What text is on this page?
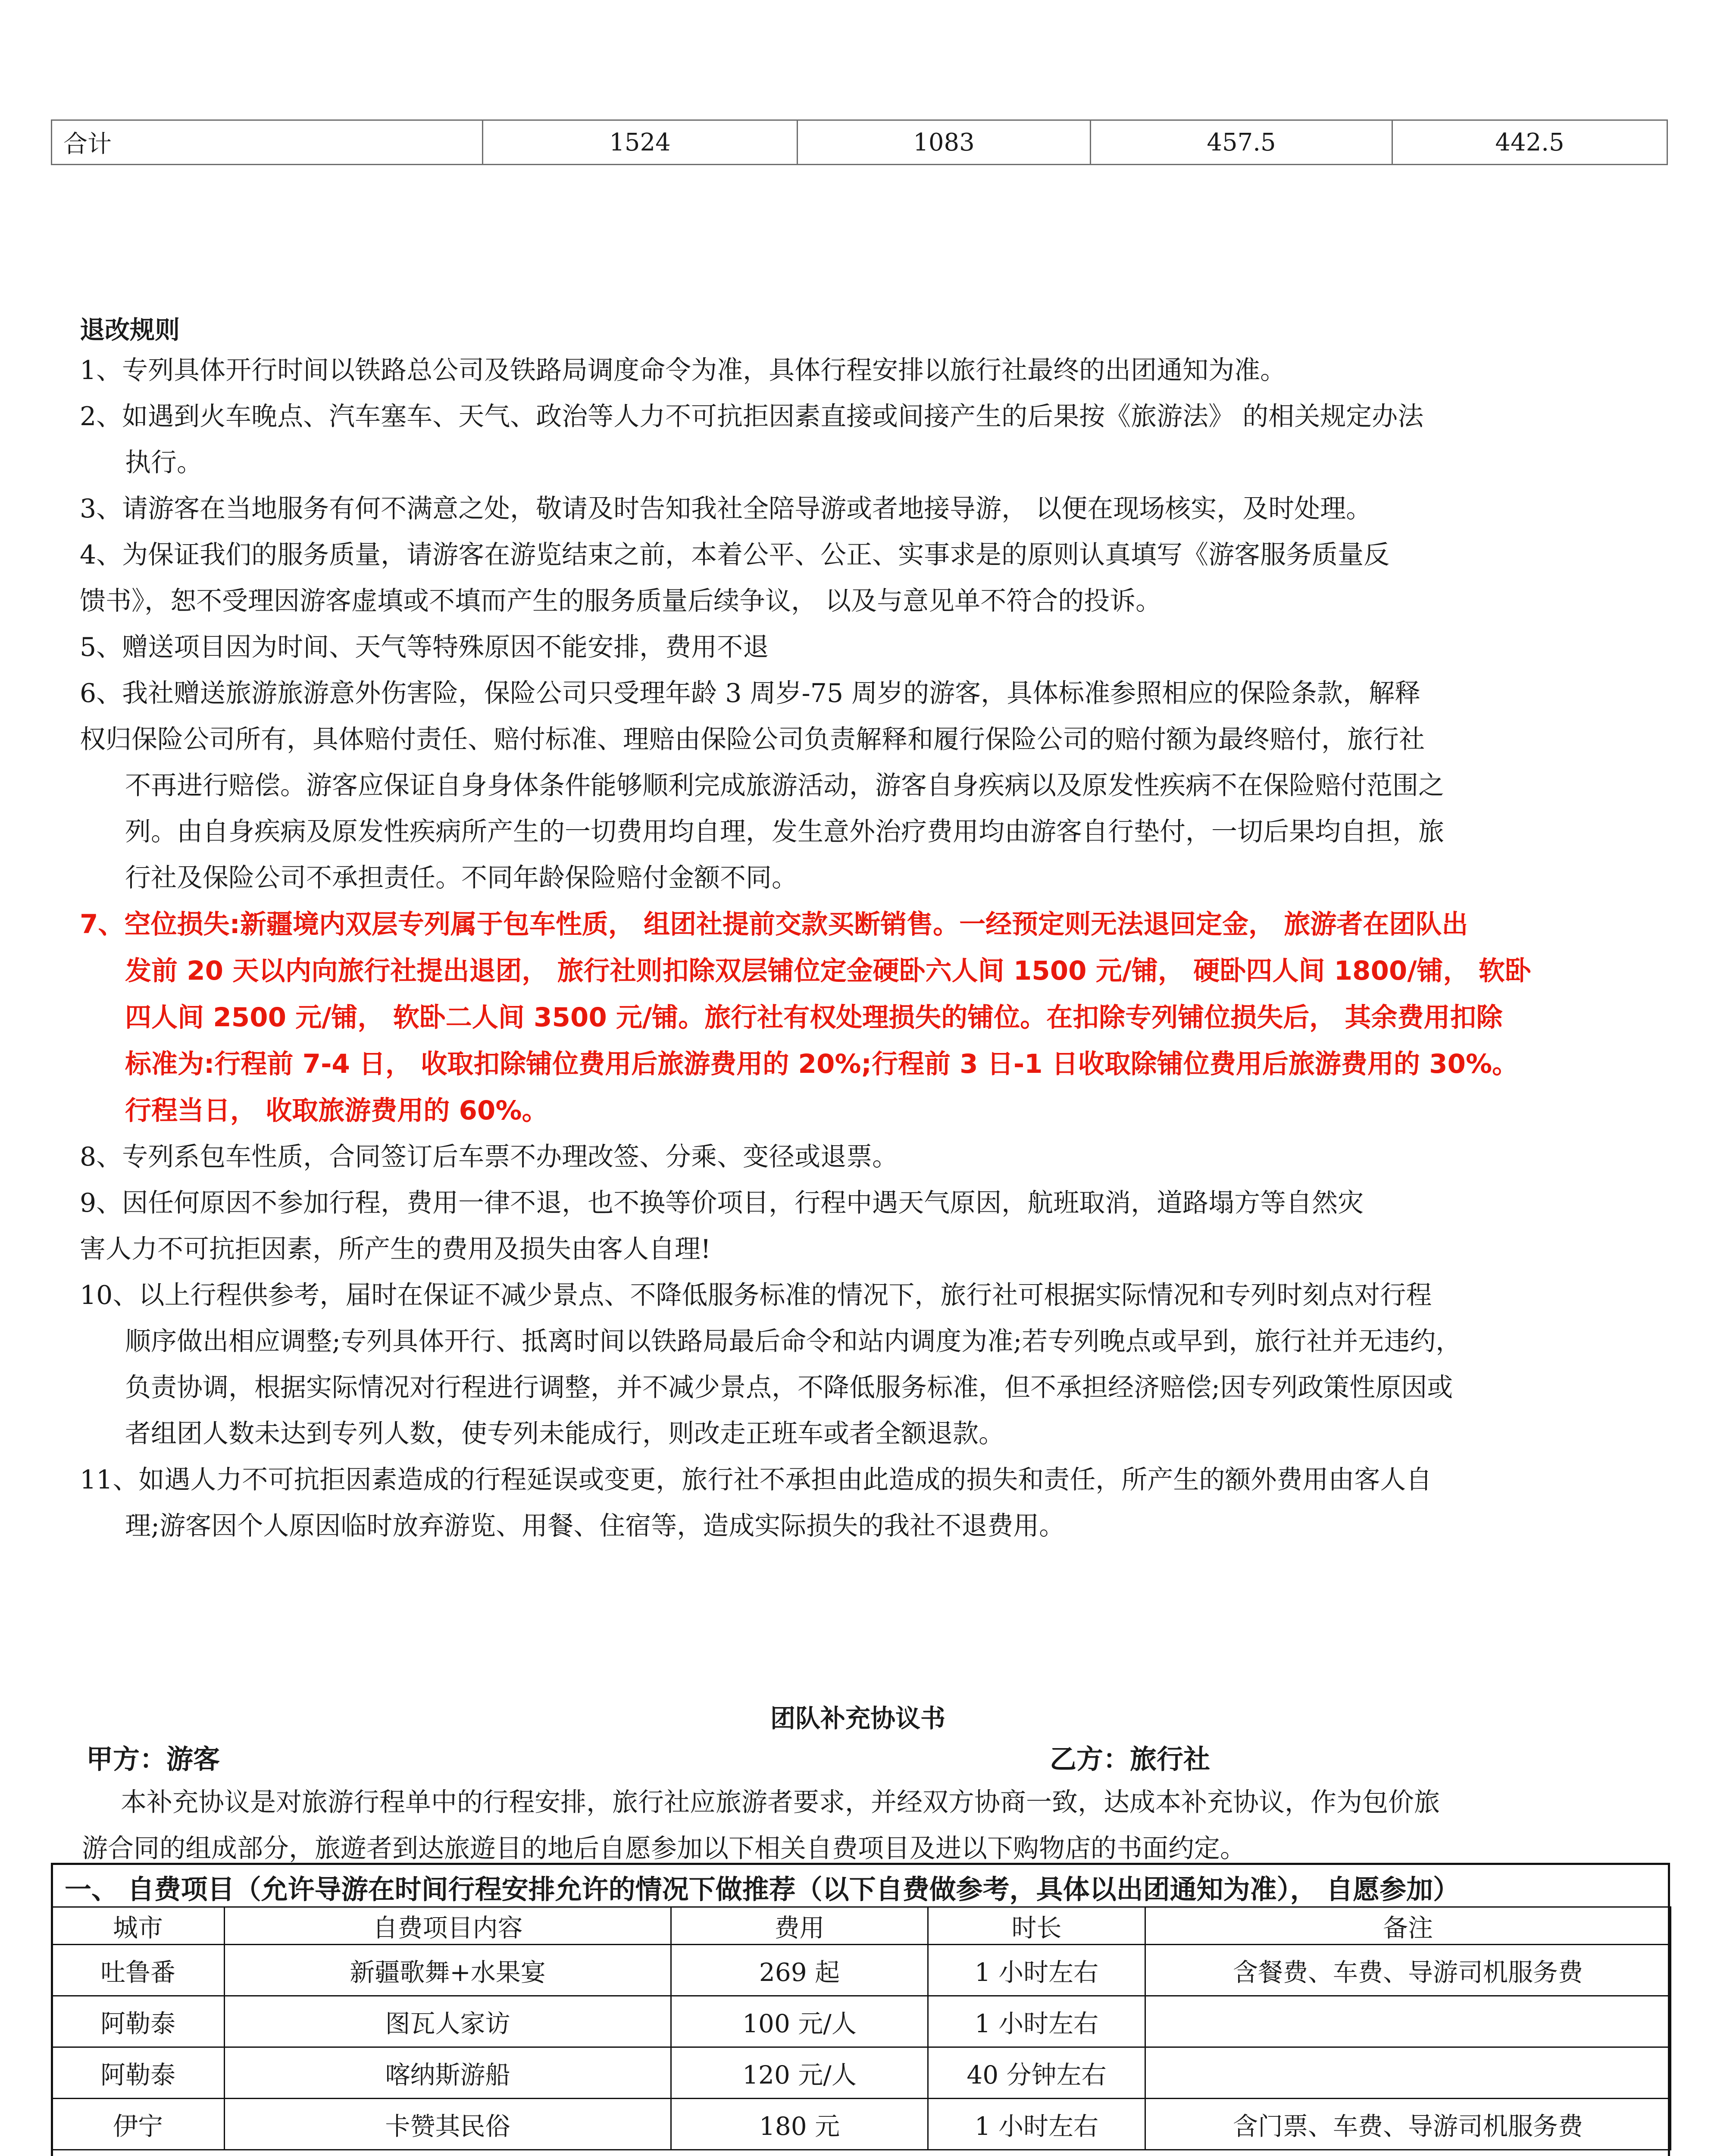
合计	1524	1083	457.5	442.5
退改规则
1、专列具体开行时间以铁路总公司及铁路局调度命令为准，具体行程安排以旅行社最终的出团通知为准。
2、如遇到火车晚点、汽车塞车、天气、政治等人力不可抗拒因素直接或间接产生的后果按《旅游法》 的相关规定办法
执行。
3、请游客在当地服务有何不满意之处，敬请及时告知我社全陪导游或者地接导游， 以便在现场核实，及时处理。
4、为保证我们的服务质量，请游客在游览结束之前，本着公平、公正、实事求是的原则认真填写《游客服务质量反
馈书》，恕不受理因游客虚填或不填而产生的服务质量后续争议， 以及与意见单不符合的投诉。
5、赠送项目因为时间、天气等特殊原因不能安排，费用不退
6、我社赠送旅游旅游意外伤害险，保险公司只受理年龄 3 周岁-75 周岁的游客，具体标准参照相应的保险条款，解释
权归保险公司所有，具体赔付责任、赔付标准、理赔由保险公司负责解释和履行保险公司的赔付额为最终赔付，旅行社
不再进行赔偿。游客应保证自身身体条件能够顺利完成旅游活动，游客自身疾病以及原发性疾病不在保险赔付范围之
列。由自身疾病及原发性疾病所产生的一切费用均自理，发生意外治疗费用均由游客自行垫付，一切后果均自担，旅
行社及保险公司不承担责任。不同年龄保险赔付金额不同。
7、空位损失:新疆境内双层专列属于包车性质， 组团社提前交款买断销售。一经预定则无法退回定金， 旅游者在团队出
发前 20 天以内向旅行社提出退团， 旅行社则扣除双层铺位定金硬卧六人间 1500 元/铺， 硬卧四人间 1800/铺， 软卧
四人间 2500 元/铺， 软卧二人间 3500 元/铺。旅行社有权处理损失的铺位。在扣除专列铺位损失后， 其余费用扣除
标准为:行程前 7-4 日， 收取扣除铺位费用后旅游费用的 20%;行程前 3 日-1 日收取除铺位费用后旅游费用的 30%。
行程当日， 收取旅游费用的 60%。
8、专列系包车性质，合同签订后车票不办理改签、分乘、变径或退票。
9、因任何原因不参加行程，费用一律不退，也不换等价项目，行程中遇天气原因，航班取消，道路塌方等自然灾
害人力不可抗拒因素，所产生的费用及损失由客人自理!
10、以上行程供参考，届时在保证不减少景点、不降低服务标准的情况下，旅行社可根据实际情况和专列时刻点对行程
顺序做出相应调整;专列具体开行、抵离时间以铁路局最后命令和站内调度为准;若专列晚点或早到，旅行社并无违约，
负责协调，根据实际情况对行程进行调整，并不减少景点，不降低服务标准，但不承担经济赔偿;因专列政策性原因或
者组团人数未达到专列人数，使专列未能成行，则改走正班车或者全额退款。
11、如遇人力不可抗拒因素造成的行程延误或变更，旅行社不承担由此造成的损失和责任，所产生的额外费用由客人自
理;游客因个人原因临时放弃游览、用餐、住宿等，造成实际损失的我社不退费用。
团队补充协议书
甲方：游客	乙方：旅行社
本补充协议是对旅游行程单中的行程安排，旅行社应旅游者要求，并经双方协商一致，达成本补充协议，作为包价旅
游合同的组成部分，旅遊者到达旅遊目的地后自愿参加以下相关自费项目及进以下购物店的书面约定。
一、 自费项目（允许导游在时间行程安排允许的情况下做推荐（以下自费做参考，具体以出团通知为准）， 自愿参加）
城市	自费项目内容	费用	时长	备注
吐鲁番	新疆歌舞+水果宴	269 起	1 小时左右	含餐费、车费、导游司机服务费
阿勒泰	图瓦人家访	100 元/人	1 小时左右	
阿勒泰	喀纳斯游船	120 元/人	40 分钟左右	
伊宁	卡赞其民俗	180 元	1 小时左右	含门票、车费、导游司机服务费
